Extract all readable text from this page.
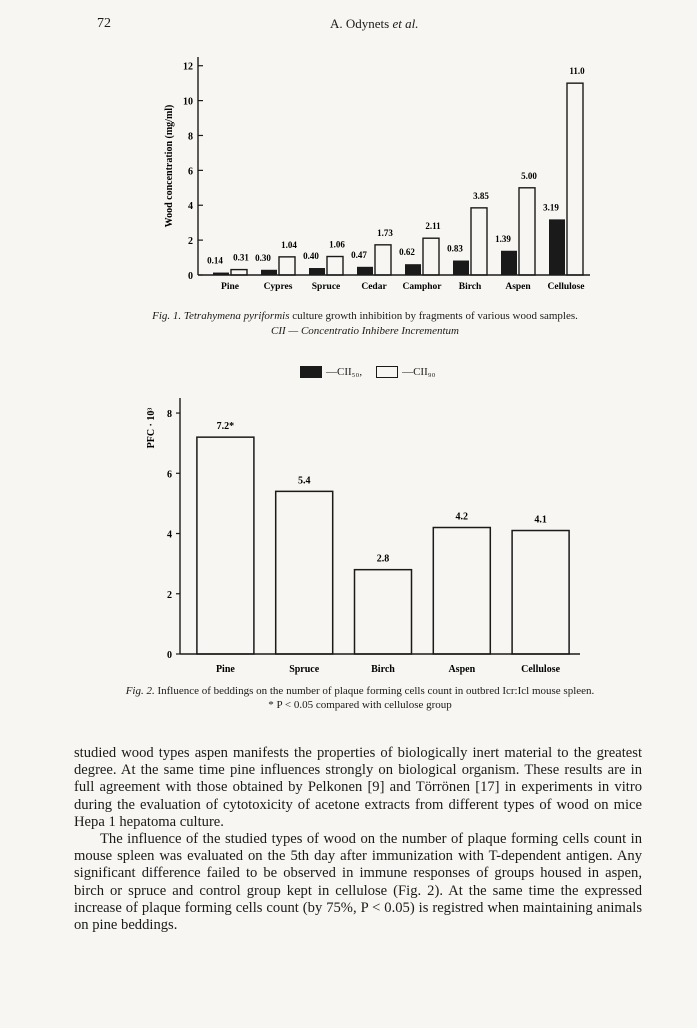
72	A. Odynets et al.
0
2
4
6
8
10
12
Wood concentration (mg/ml)
0.14 0.31
Pine
0.30
1.04
Cypres
0.40
1.06
Spruce
0.47
1.73
Cedar
0.62
2.11
Camphor
0.83
3.85
Birch
1.39
5.00
Aspen
3.19
11.0
Cellulose
Fig. 1. Tetrahymena pyriformis culture growth inhibition by fragments of various wood samples.
CII — Concentratio Inhibere Incrementum
—CII₅₀,	—CII₉₀
0
2
4
6
8
PFC · 10³	7.2*
Pine
5.4
Spruce
2.8
Birch
4.2
Aspen
4.1
Cellulose
Fig. 2. Influence of beddings on the number of plaque forming cells count in outbred Icr:Icl mouse spleen.
* P < 0.05 compared with cellulose group

studied wood types aspen manifests the properties of biologically inert material to the greatest degree. At the same time pine influences strongly on biological organism. These results are in full agreement with those obtained by Pelkonen [9] and Törrönen [17] in experiments in vitro during the evaluation of cytotoxicity of acetone extracts from different types of wood on mice Hepa 1 hepatoma culture.

The influence of the studied types of wood on the number of plaque forming cells count in mouse spleen was evaluated on the 5th day after immunization with T-dependent antigen. Any significant difference failed to be observed in immune responses of groups housed in aspen, birch or spruce and control group kept in cellulose (Fig. 2). At the same time the expressed increase of plaque forming cells count (by 75%, P < 0.05) is registred when maintaining animals on pine beddings.
